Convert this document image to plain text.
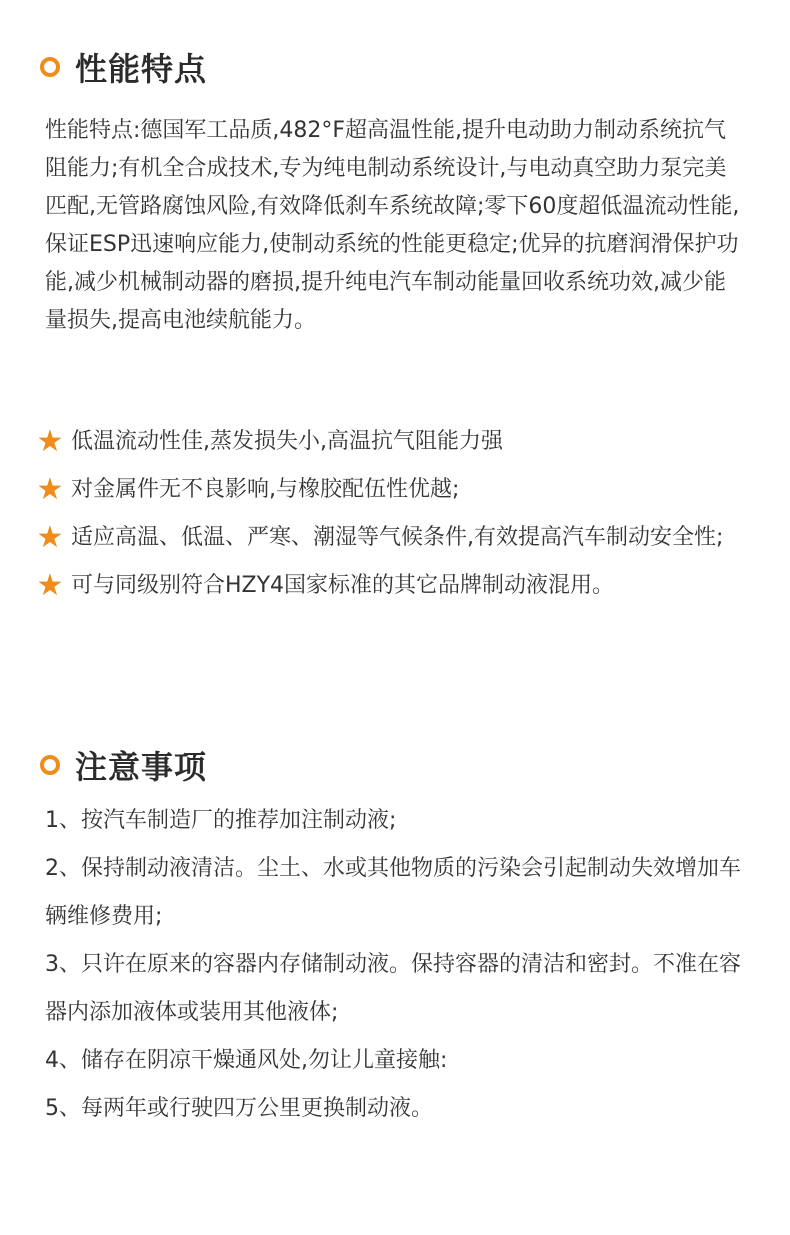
性能特点

性能特点:德国军工品质,482°F超高温性能,提升电动助力制动系统抗气阻能力;有机全合成技术,专为纯电制动系统设计,与电动真空助力泵完美匹配,无管路腐蚀风险,有效降低刹车系统故障;零下60度超低温流动性能,保证ESP迅速响应能力,使制动系统的性能更稳定;优异的抗磨润滑保护功能,减少机械制动器的磨损,提升纯电汽车制动能量回收系统功效,减少能量损失,提高电池续航能力。

★ 低温流动性佳,蒸发损失小,高温抗气阻能力强
★ 对金属件无不良影响,与橡胶配伍性优越;
★ 适应高温、低温、严寒、潮湿等气候条件,有效提高汽车制动安全性;
★ 可与同级别符合HZY4国家标准的其它品牌制动液混用。
注意事项
1、按汽车制造厂的推荐加注制动液;
2、保持制动液清洁。尘土、水或其他物质的污染会引起制动失效增加车辆维修费用;
3、只许在原来的容器内存储制动液。保持容器的清洁和密封。不准在容器内添加液体或装用其他液体;
4、储存在阴凉干燥通风处,勿让儿童接触:
5、每两年或行驶四万公里更换制动液。
